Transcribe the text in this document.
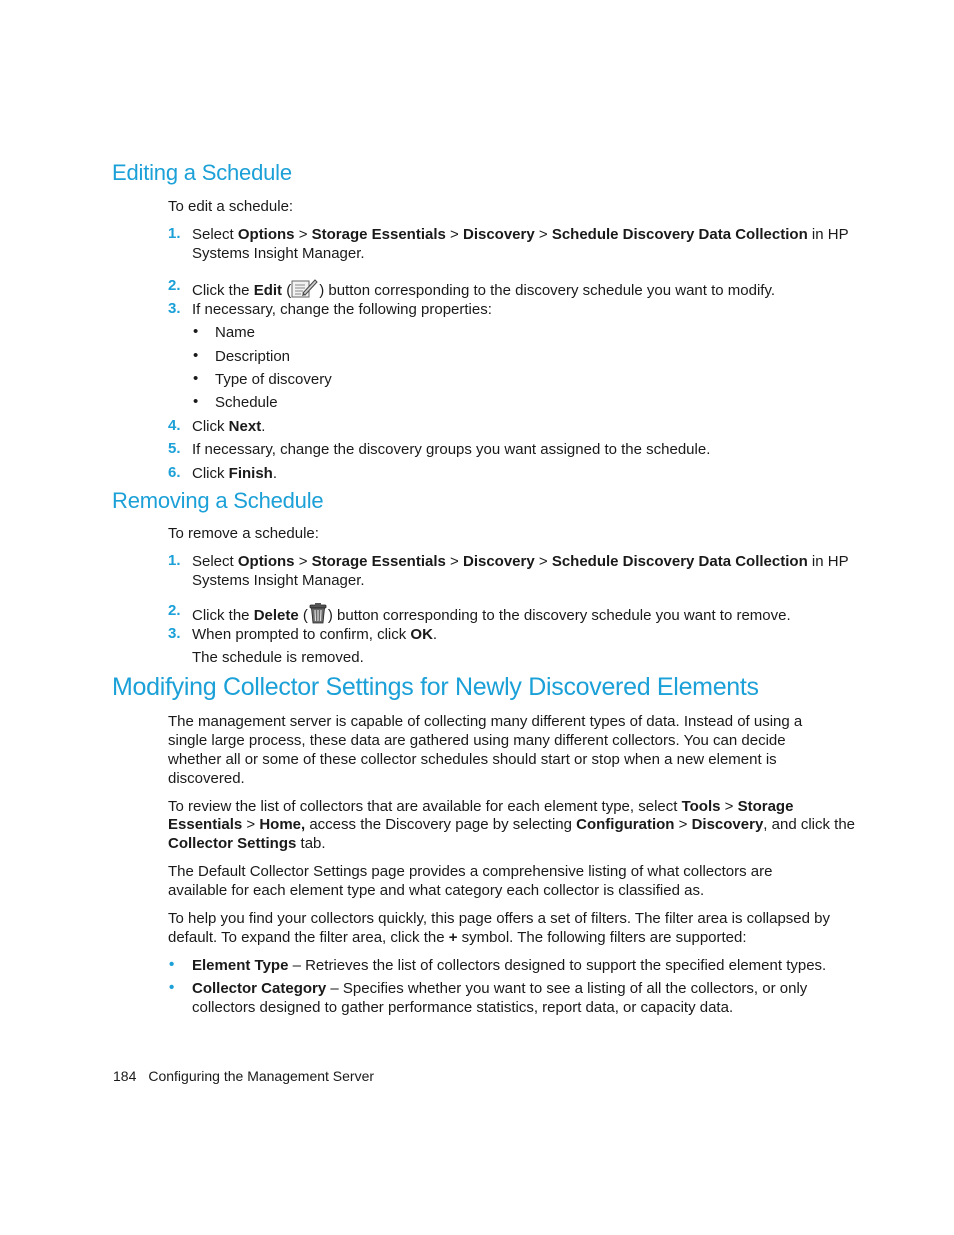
Editing a Schedule
To edit a schedule:
1. Select Options > Storage Essentials > Discovery > Schedule Discovery Data Collection in HP
Systems Insight Manager.
2. Click the Edit ( ) button corresponding to the discovery schedule you want to modify.
3. If necessary, change the following properties:
• Name
• Description
• Type of discovery
• Schedule
4. Click Next.
5. If necessary, change the discovery groups you want assigned to the schedule.
6. Click Finish.
Removing a Schedule
To remove a schedule:
1. Select Options > Storage Essentials > Discovery > Schedule Discovery Data Collection in HP
Systems Insight Manager.
2. Click the Delete ( ) button corresponding to the discovery schedule you want to remove.
3. When prompted to confirm, click OK.
The schedule is removed.
Modifying Collector Settings for Newly Discovered Elements
The management server is capable of collecting many different types of data. Instead of using a
single large process, these data are gathered using many different collectors. You can decide
whether all or some of these collector schedules should start or stop when a new element is
discovered.
To review the list of collectors that are available for each element type, select Tools > Storage
Essentials > Home, access the Discovery page by selecting Configuration > Discovery, and click the
Collector Settings tab.
The Default Collector Settings page provides a comprehensive listing of what collectors are
available for each element type and what category each collector is classified as.
To help you find your collectors quickly, this page offers a set of filters. The filter area is collapsed by
default. To expand the filter area, click the + symbol. The following filters are supported:
• Element Type – Retrieves the list of collectors designed to support the specified element types.
• Collector Category – Specifies whether you want to see a listing of all the collectors, or only
collectors designed to gather performance statistics, report data, or capacity data.
184 Configuring the Management Server
